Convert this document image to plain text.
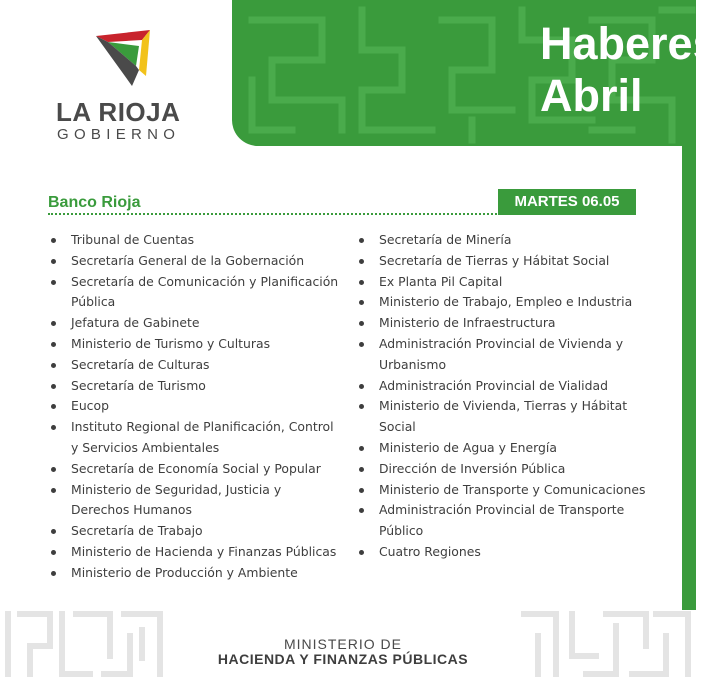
Haberes
Abril

LA RIOJA

GOBIERNO

Banco Rioja	MARTES 06.05
Tribunal de Cuentas
Secretaría General de la Gobernación
Secretaría de Comunicación y Planificación Pública
Jefatura de Gabinete
Ministerio de Turismo y Culturas
Secretaría de Culturas
Secretaría de Turismo
Eucop
Instituto Regional de Planificación, Control y Servicios Ambientales
Secretaría de Economía Social y Popular
Ministerio de Seguridad, Justicia y Derechos Humanos
Secretaría de Trabajo
Ministerio de Hacienda y Finanzas Públicas
Ministerio de Producción y Ambiente
Secretaría de Minería
Secretaría de Tierras y Hábitat Social
Ex Planta Pil Capital
Ministerio de Trabajo, Empleo e Industria
Ministerio de Infraestructura
Administración Provincial de Vivienda y Urbanismo
Administración Provincial de Vialidad
Ministerio de Vivienda, Tierras y Hábitat Social
Ministerio de Agua y Energía
Dirección de Inversión Pública
Ministerio de Transporte y Comunicaciones
Administración Provincial de Transporte Público
Cuatro Regiones

MINISTERIO DE

HACIENDA Y FINANZAS PÚBLICAS
